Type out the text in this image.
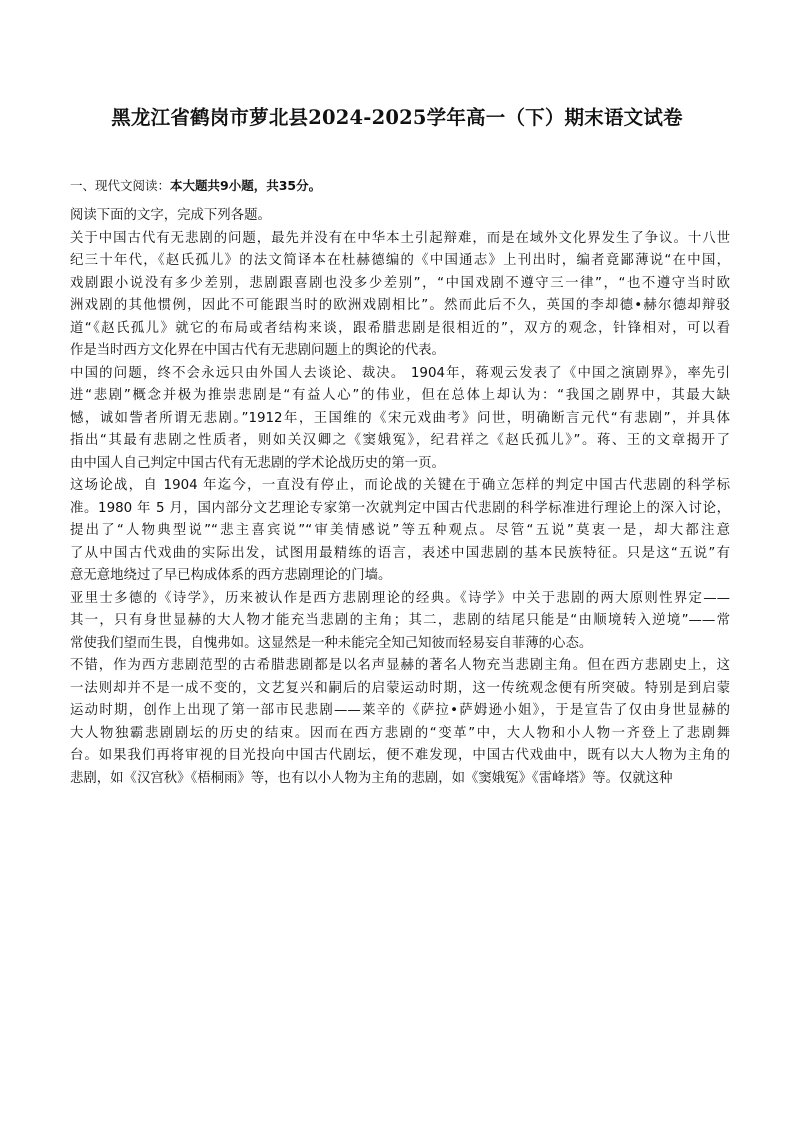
黑龙江省鹤岗市萝北县2024-2025学年高一（下）期末语文试卷
一、现代文阅读：本大题共9小题，共35分。
阅读下面的文字，完成下列各题。
关于中国古代有无悲剧的问题，最先并没有在中华本土引起辩难，而是在域外文化界发生了争议。十八世
纪三十年代，《赵氏孤儿》的法文简译本在杜赫德编的《中国通志》上刊出时，编者竟鄙薄说“在中国，
戏剧跟小说没有多少差别，悲剧跟喜剧也没多少差别”，“中国戏剧不遵守三一律”，“也不遵守当时欧
洲戏剧的其他惯例，因此不可能跟当时的欧洲戏剧相比”。然而此后不久，英国的李却德•赫尔德却辩驳
道“《赵氏孤儿》就它的布局或者结构来谈，跟希腊悲剧是很相近的”，双方的观念，针锋相对，可以看
作是当时西方文化界在中国古代有无悲剧问题上的舆论的代表。
中国的问题，终不会永远只由外国人去谈论、裁决。 1904年，蒋观云发表了《中国之演剧界》，率先引
进“悲剧”概念并极为推崇悲剧是“有益人心”的伟业，但在总体上却认为：“我国之剧界中，其最大缺
憾，诚如訾者所谓无悲剧。”1912年，王国维的《宋元戏曲考》问世，明确断言元代“有悲剧”，并具体
指出“其最有悲剧之性质者，则如关汉卿之《窦娥冤》，纪君祥之《赵氏孤儿》”。蒋、王的文章揭开了
由中国人自己判定中国古代有无悲剧的学术论战历史的第一页。
这场论战，自 1904 年迄今，一直没有停止，而论战的关键在于确立怎样的判定中国古代悲剧的科学标
准。1980 年 5 月，国内部分文艺理论专家第一次就判定中国古代悲剧的科学标准进行理论上的深入讨论，
提出了“人物典型说”“悲主喜宾说”“审美情感说”等五种观点。尽管“五说”莫衷一是，却大都注意
了从中国古代戏曲的实际出发，试图用最精练的语言，表述中国悲剧的基本民族特征。只是这“五说”有
意无意地绕过了早已构成体系的西方悲剧理论的门墙。
亚里士多德的《诗学》，历来被认作是西方悲剧理论的经典。《诗学》中关于悲剧的两大原则性界定——
其一，只有身世显赫的大人物才能充当悲剧的主角；其二，悲剧的结尾只能是“由顺境转入逆境”——常
常使我们望而生畏，自愧弗如。这显然是一种未能完全知己知彼而轻易妄自菲薄的心态。
不错，作为西方悲剧范型的古希腊悲剧都是以名声显赫的著名人物充当悲剧主角。但在西方悲剧史上，这
一法则却并不是一成不变的，文艺复兴和嗣后的启蒙运动时期，这一传统观念便有所突破。特别是到启蒙
运动时期，创作上出现了第一部市民悲剧——莱辛的《萨拉•萨姆逊小姐》，于是宣告了仅由身世显赫的
大人物独霸悲剧剧坛的历史的结束。因而在西方悲剧的“变革”中，大人物和小人物一齐登上了悲剧舞
台。如果我们再将审视的目光投向中国古代剧坛，便不难发现，中国古代戏曲中，既有以大人物为主角的
悲剧，如《汉宫秋》《梧桐雨》等，也有以小人物为主角的悲剧，如《窦娥冤》《雷峰塔》等。仅就这种
